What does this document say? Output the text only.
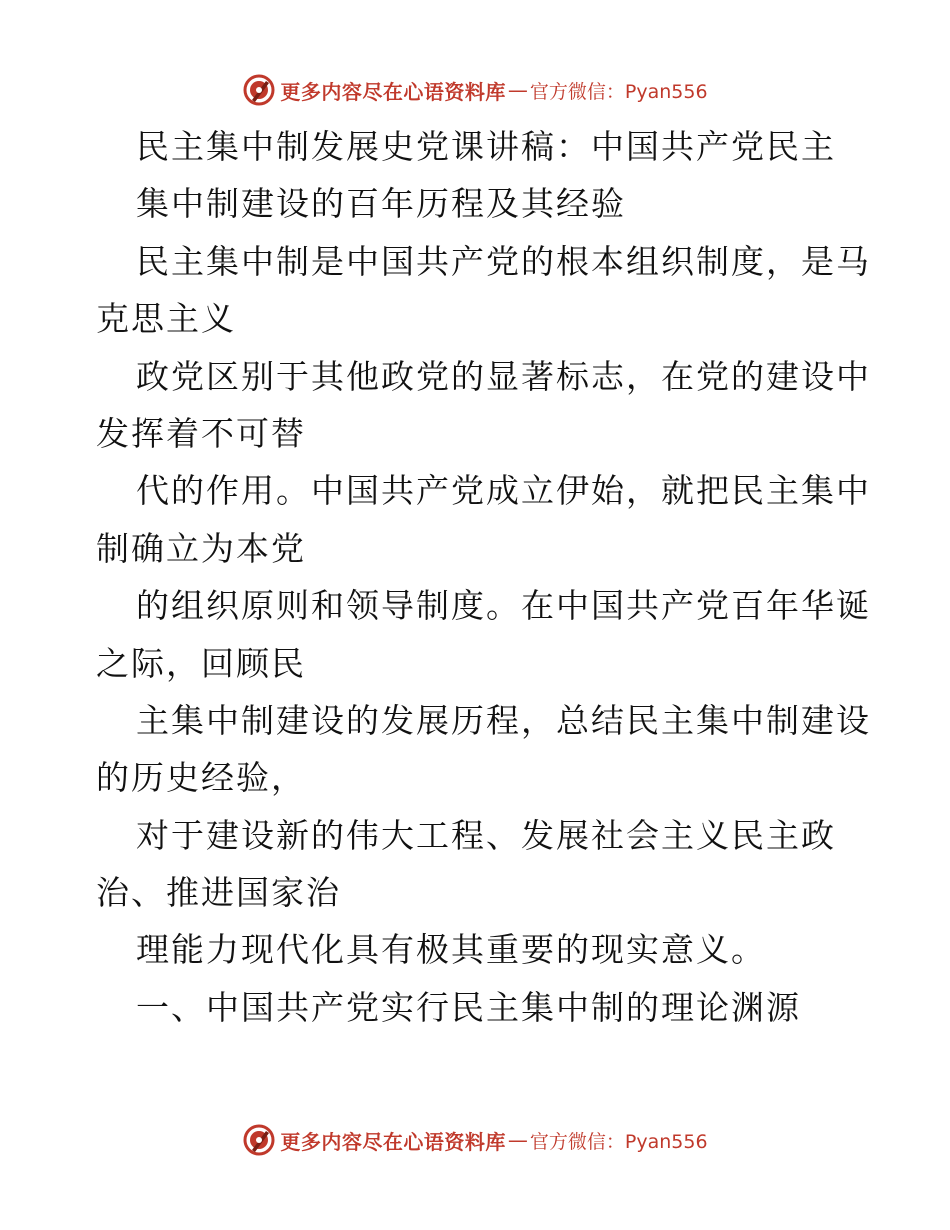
更多内容尽在心语资料库 — 官方微信：Pyan556
民主集中制发展史党课讲稿：中国共产党民主
集中制建设的百年历程及其经验
民主集中制是中国共产党的根本组织制度，是马
克思主义
政党区别于其他政党的显著标志，在党的建设中
发挥着不可替
代的作用。中国共产党成立伊始，就把民主集中
制确立为本党
的组织原则和领导制度。在中国共产党百年华诞
之际，回顾民
主集中制建设的发展历程，总结民主集中制建设
的历史经验，
对于建设新的伟大工程、发展社会主义民主政
治、推进国家治
理能力现代化具有极其重要的现实意义。
一、中国共产党实行民主集中制的理论渊源
更多内容尽在心语资料库 — 官方微信：Pyan556
